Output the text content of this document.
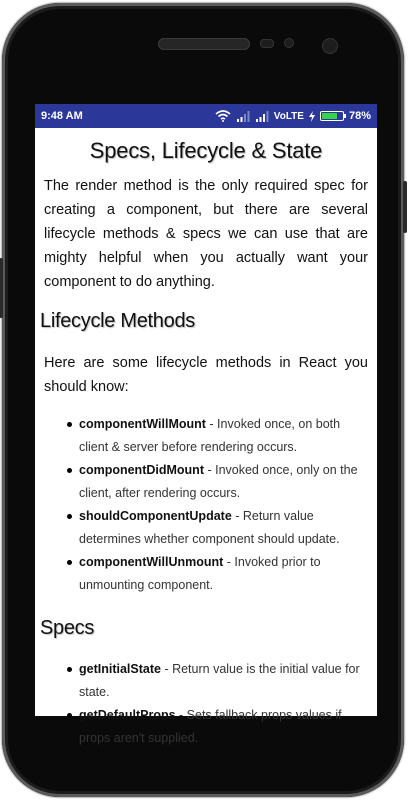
9:48 AM	VoLTE	78%
Specs, Lifecycle & State

The render method is the only required spec for creating a component, but there are several lifecycle methods & specs we can use that are mighty helpful when you actually want your component to do anything.

Lifecycle Methods

Here are some lifecycle methods in React you should know:

componentWillMount - Invoked once, on both client & server before rendering occurs.
componentDidMount - Invoked once, only on the client, after rendering occurs.
shouldComponentUpdate - Return value determines whether component should update.
componentWillUnmount - Invoked prior to unmounting component.
Specs
getInitialState - Return value is the initial value for state.
getDefaultProps - Sets fallback props values if props aren't supplied.
